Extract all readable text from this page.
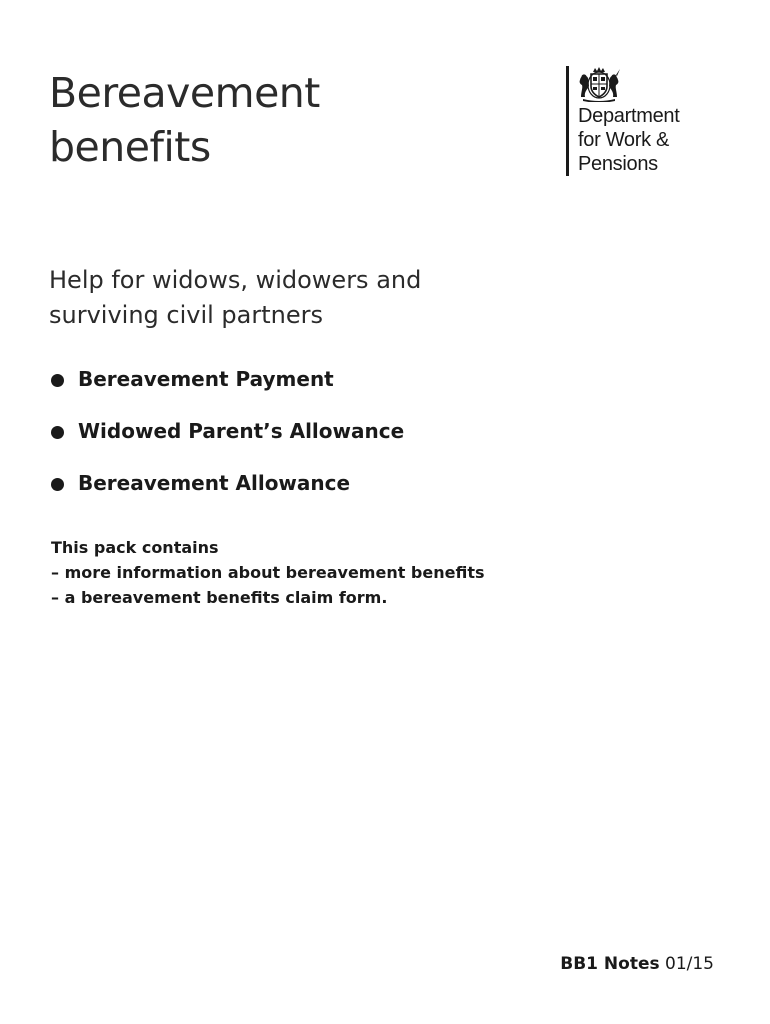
Bereavement
benefits
Department
for Work &
Pensions
Help for widows, widowers and
surviving civil partners
Bereavement Payment
Widowed Parent’s Allowance
Bereavement Allowance
This pack contains
– more information about bereavement benefits
– a bereavement benefits claim form.
BB1 Notes 01/15
